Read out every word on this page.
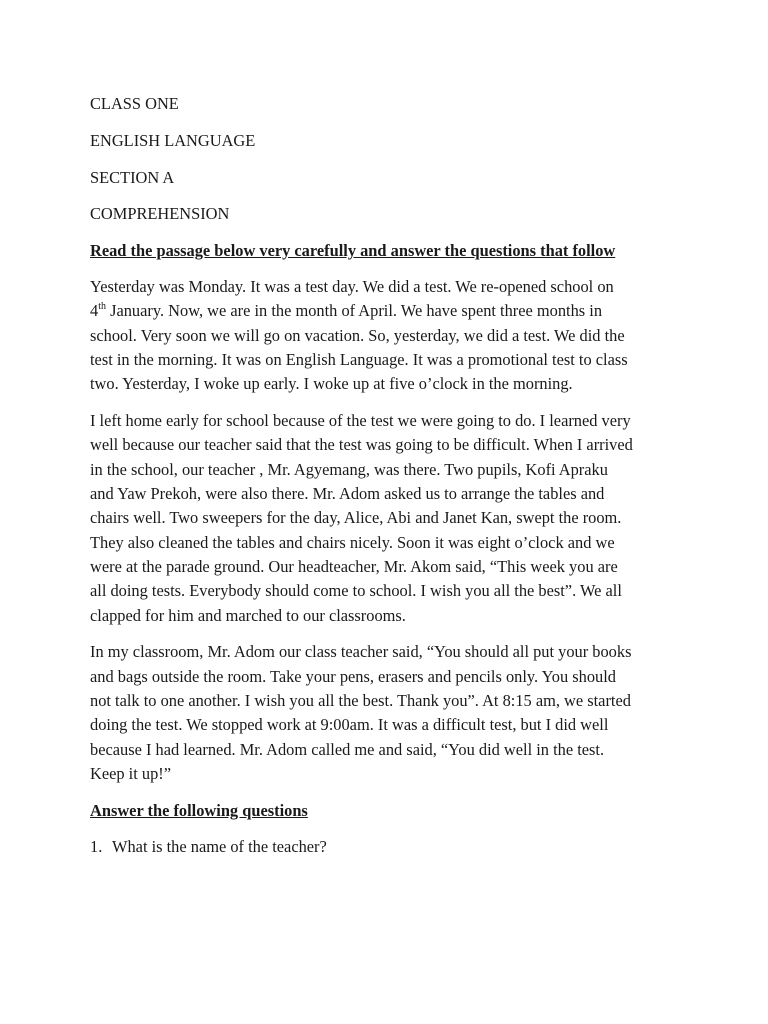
CLASS ONE

ENGLISH LANGUAGE

SECTION A

COMPREHENSION

Read the passage below very carefully and answer the questions that follow

Yesterday was Monday. It was a test day. We did a test. We re-opened school on
4th January. Now, we are in the month of April. We have spent three months in
school. Very soon we will go on vacation. So, yesterday, we did a test. We did the
test in the morning. It was on English Language. It was a promotional test to class
two. Yesterday, I woke up early. I woke up at five o’clock in the morning.
I left home early for school because of the test we were going to do. I learned very
well because our teacher said that the test was going to be difficult. When I arrived
in the school, our teacher , Mr. Agyemang, was there. Two pupils, Kofi Apraku
and Yaw Prekoh, were also there. Mr. Adom asked us to arrange the tables and
chairs well. Two sweepers for the day, Alice, Abi and Janet Kan, swept the room.
They also cleaned the tables and chairs nicely. Soon it was eight o’clock and we
were at the parade ground. Our headteacher, Mr. Akom said, “This week you are
all doing tests. Everybody should come to school. I wish you all the best”. We all
clapped for him and marched to our classrooms.
In my classroom, Mr. Adom our class teacher said, “You should all put your books
and bags outside the room. Take your pens, erasers and pencils only. You should
not talk to one another. I wish you all the best. Thank you”. At 8:15 am, we started
doing the test. We stopped work at 9:00am. It was a difficult test, but I did well
because I had learned. Mr. Adom called me and said, “You did well in the test.
Keep it up!”

Answer the following questions

1. What is the name of the teacher?
